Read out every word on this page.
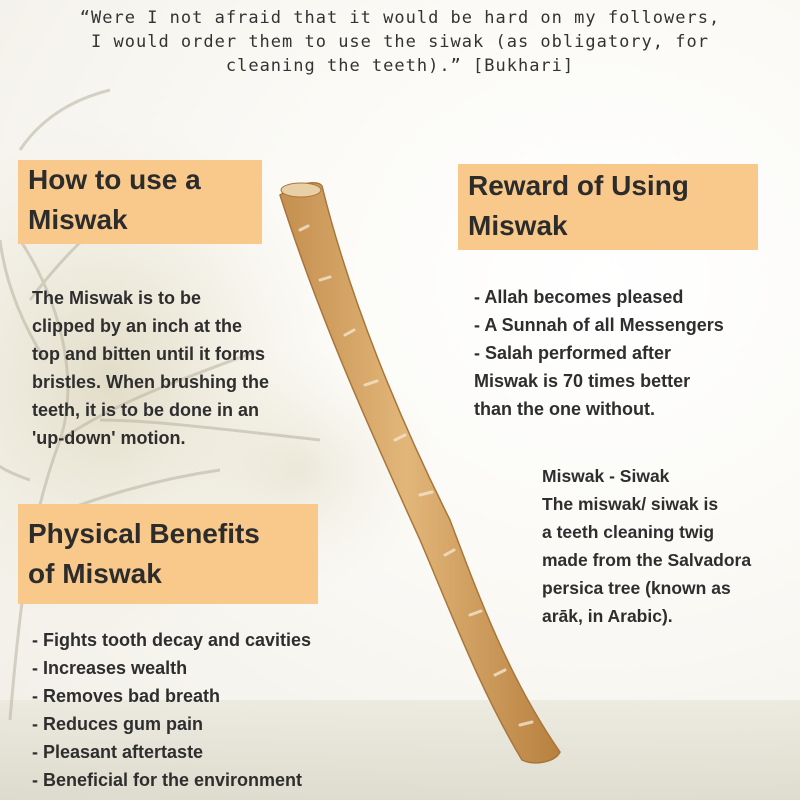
“Were I not afraid that it would be hard on my followers,
I would order them to use the siwak (as obligatory, for
cleaning the teeth).” [Bukhari]
How to use a
Miswak
The Miswak is to be
clipped by an inch at the
top and bitten until it forms
bristles. When brushing the
teeth, it is to be done in an
'up-down' motion.
Reward of Using
Miswak
- Allah becomes pleased
- A Sunnah of all Messengers
- Salah performed after
Miswak is 70 times better
than the one without.
Miswak - Siwak
The miswak/ siwak is
a teeth cleaning twig
made from the Salvadora
persica tree (known as
arāk, in Arabic).
Physical Benefits
of Miswak
- Fights tooth decay and cavities
- Increases wealth
- Removes bad breath
- Reduces gum pain
- Pleasant aftertaste
- Beneficial for the environment
